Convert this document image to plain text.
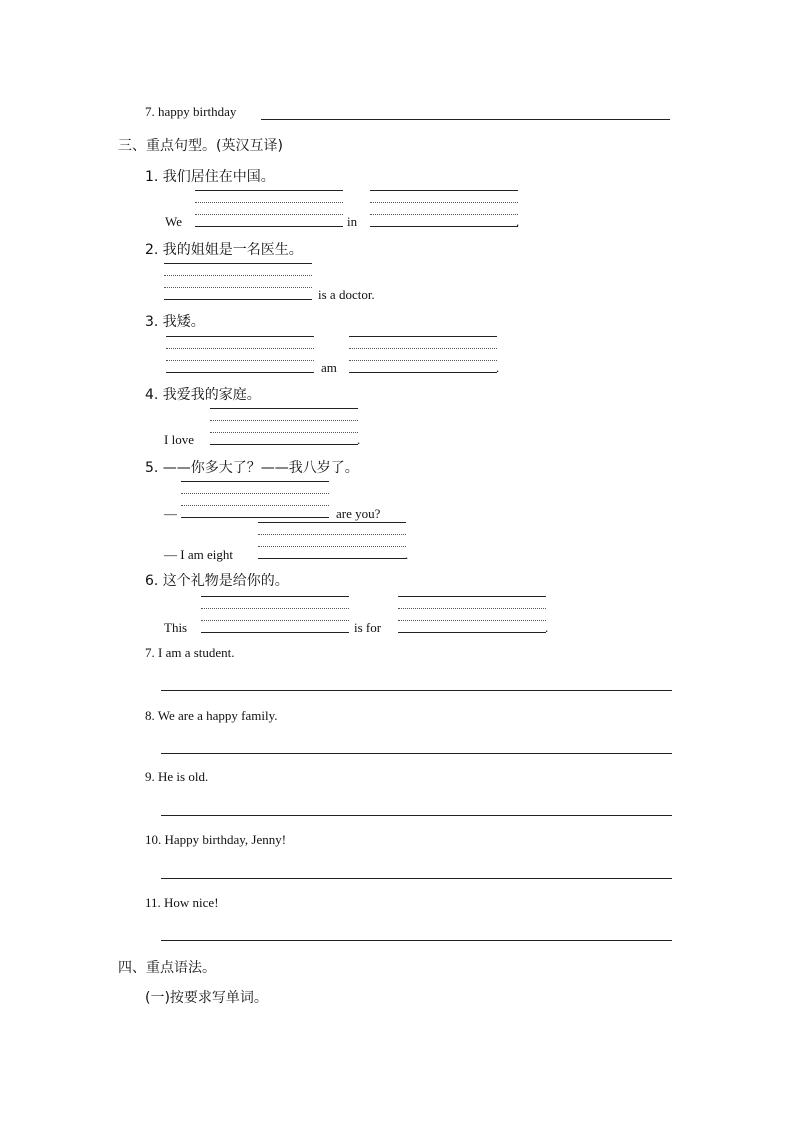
7. happy birthday
三、重点句型。(英汉互译)
1. 我们居住在中国。
We	in	.
2. 我的姐姐是一名医生。
is a doctor.
3. 我矮。
am	.
4. 我爱我的家庭。
I love	.
5. ——你多大了？——我八岁了。
—	are you?
— I am eight	.
6. 这个礼物是给你的。
This	is for	.
7. I am a student.
8. We are a happy family.
9. He is old.
10. Happy birthday, Jenny!
11. How nice!
四、重点语法。
(一)按要求写单词。
